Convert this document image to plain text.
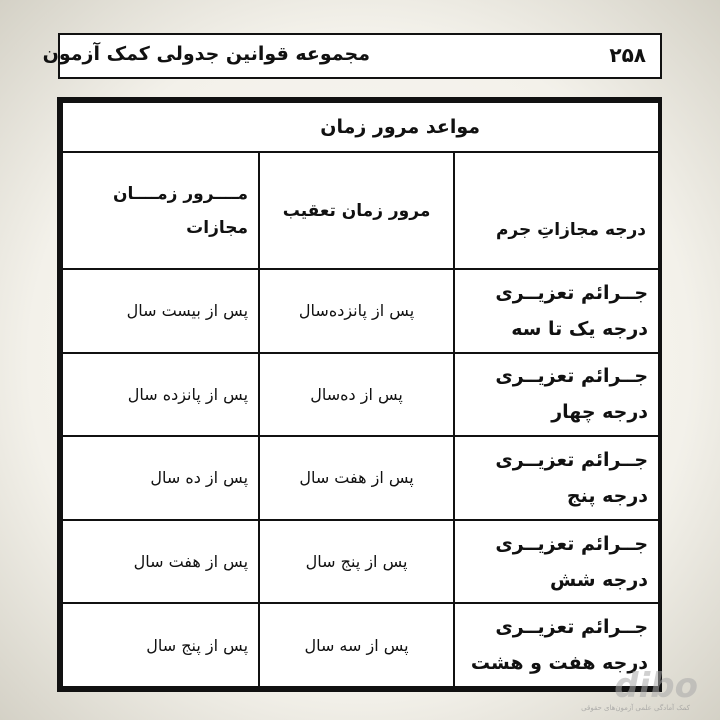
مجموعه قوانین جدولی کمک آزمون	۲۵۸
مواعد مرور زمان		
درجه مجازاتِ جرم	مرور زمان تعقیب	مــــرور زمــــان مجازات
جــرائم تعزیــری درجه یک تا سه	پس از پانزده‌سال	پس از بیست سال
جــرائم تعزیــری درجه چهار	پس از ده‌سال	پس از پانزده سال
جــرائم تعزیــری درجه پنج	پس از هفت سال	پس از ده سال
جــرائم تعزیــری درجه شش	پس از پنج سال	پس از هفت سال
جــرائم تعزیــری درجه هفت و هشت	پس از سه سال	پس از پنج سال
dibo
کمک آمادگی علمی آزمون‌های حقوقی
